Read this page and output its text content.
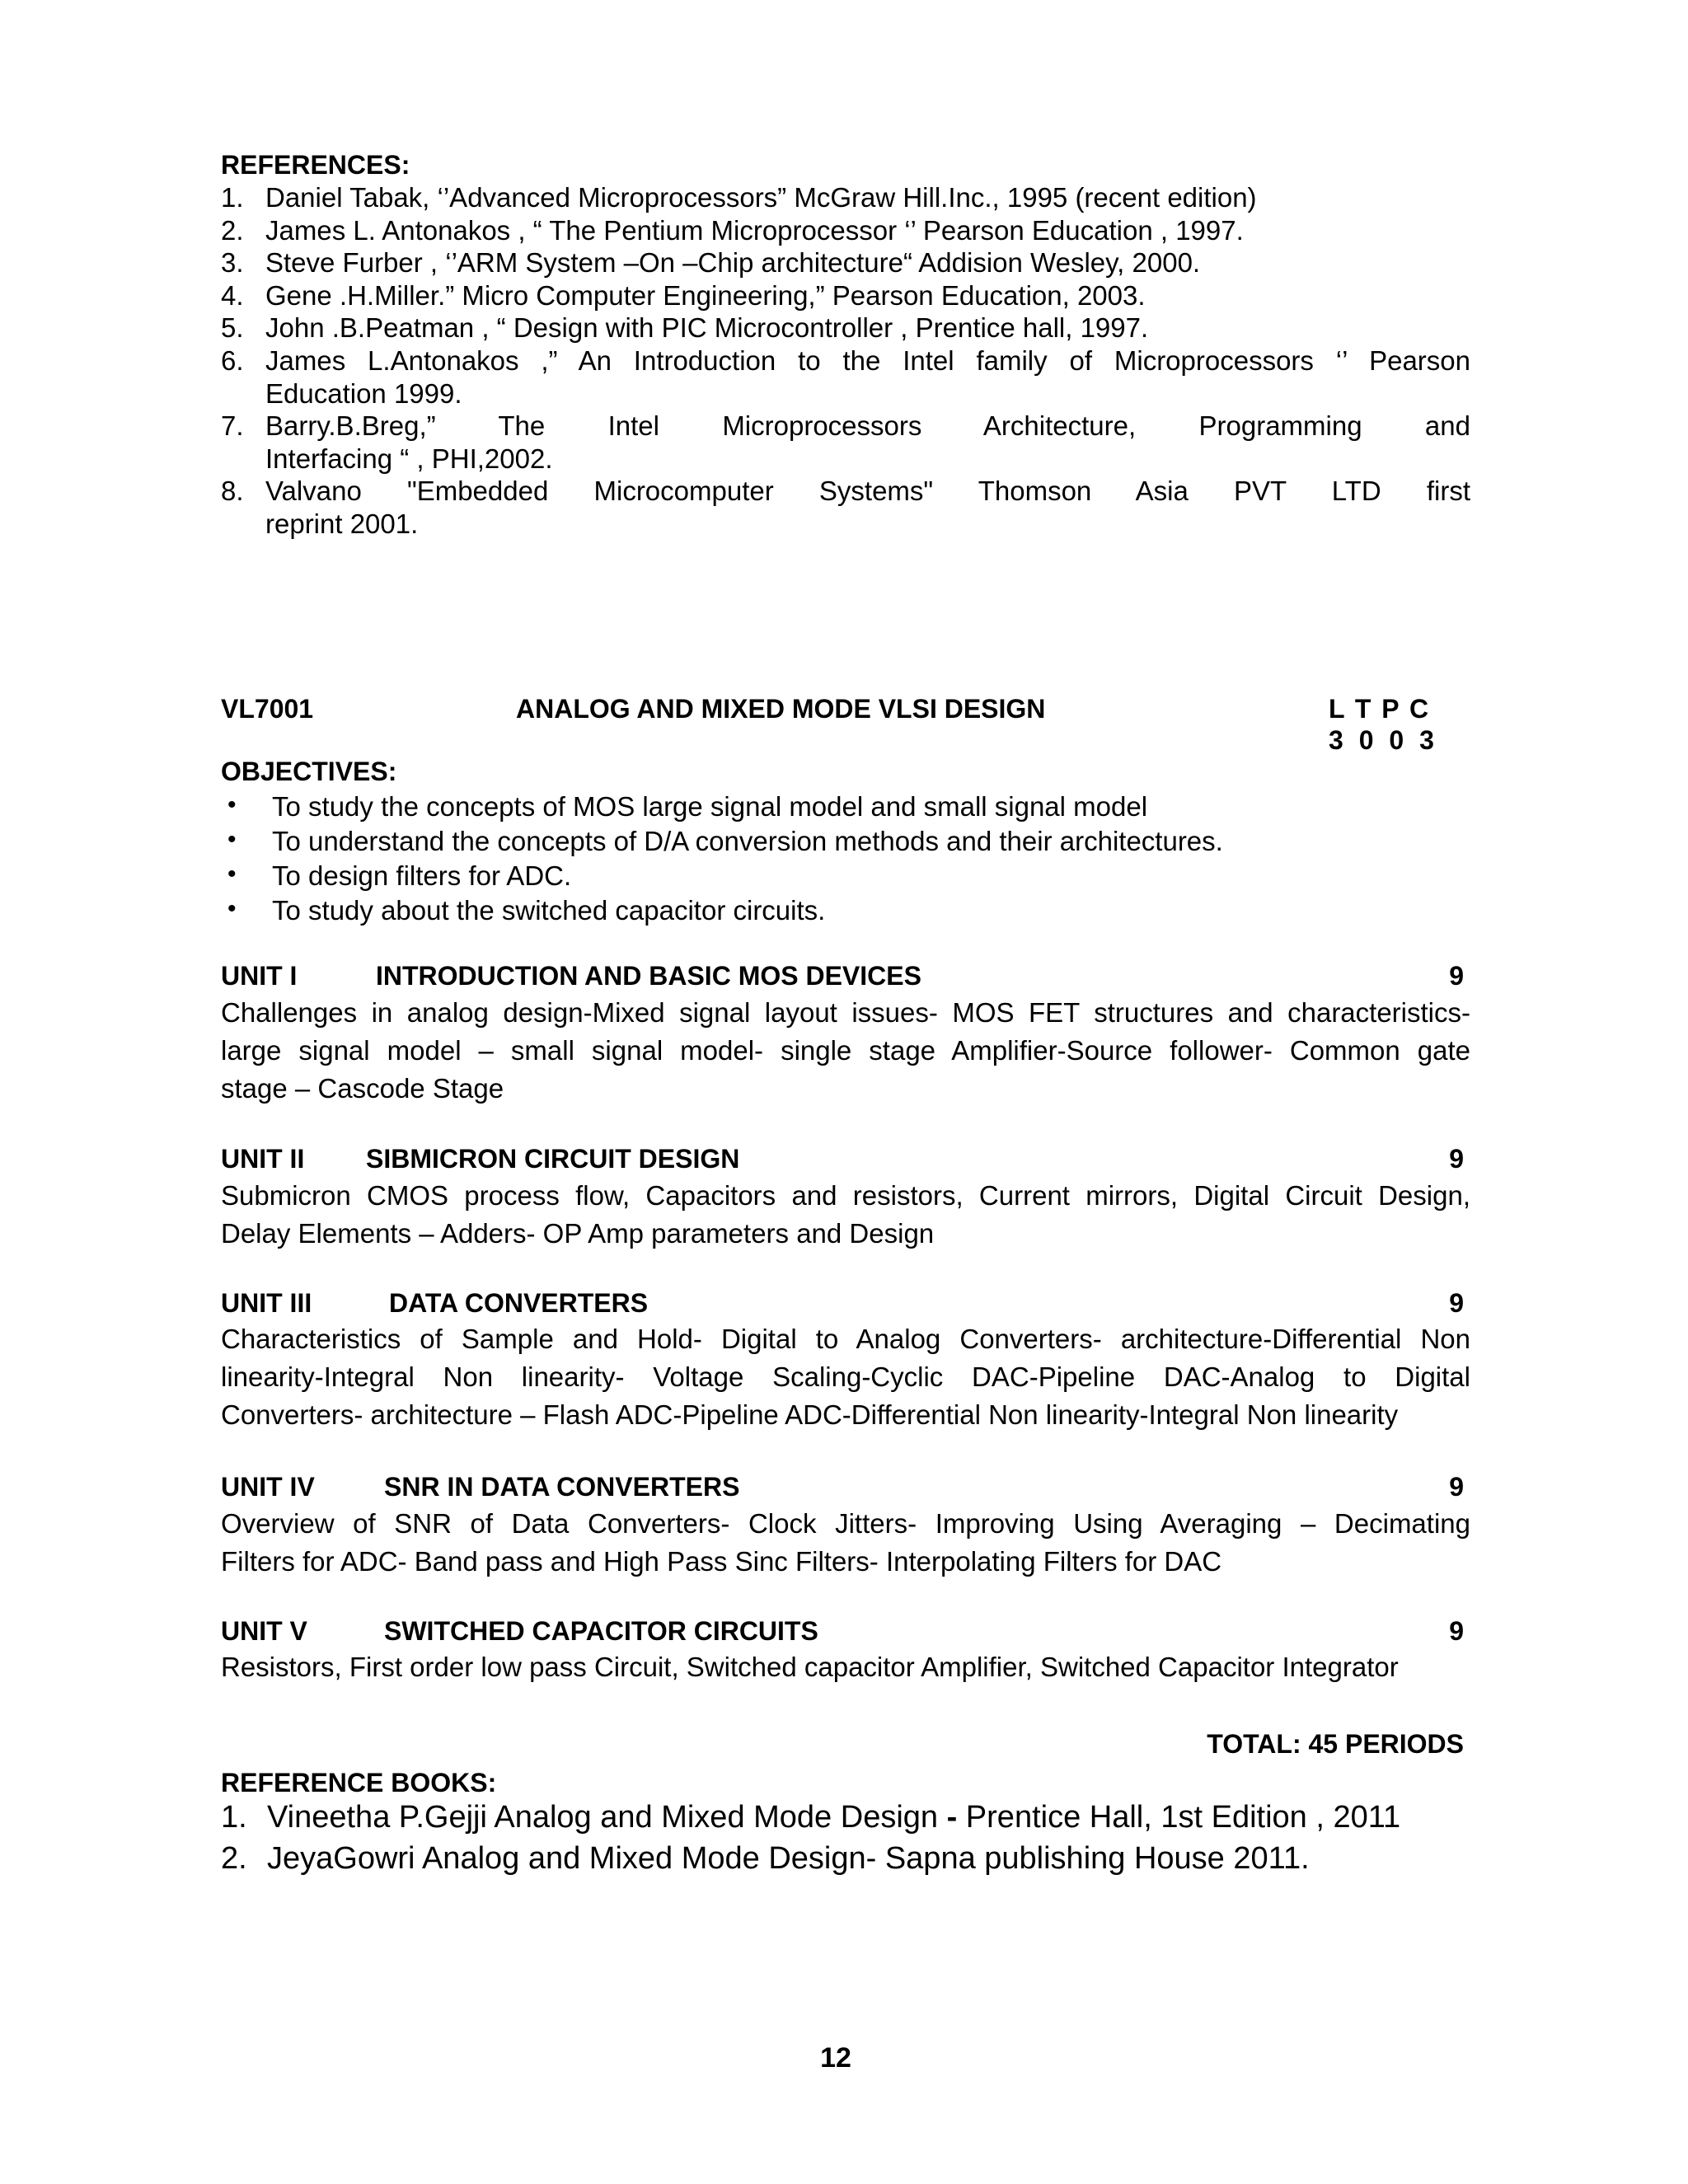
REFERENCES:
1. Daniel Tabak, ‘’Advanced Microprocessors” McGraw Hill.Inc., 1995 (recent edition)
2. James L. Antonakos , “ The Pentium Microprocessor ‘’ Pearson Education , 1997.
3. Steve Furber , ‘’ARM System –On –Chip architecture“ Addision Wesley, 2000.
4. Gene .H.Miller.” Micro Computer Engineering,” Pearson Education, 2003.
5. John .B.Peatman , “ Design with PIC Microcontroller , Prentice hall, 1997.
6. James L.Antonakos ,” An Introduction to the Intel family of Microprocessors ‘’ Pearson
Education 1999.
7. Barry.B.Breg,” The Intel Microprocessors Architecture, Programming and
Interfacing “ , PHI,2002.
8. Valvano "Embedded Microcomputer Systems" Thomson Asia PVT LTD first
reprint 2001.
VL7001	ANALOG AND MIXED MODE VLSI DESIGN	L T P C
3 0 0 3
OBJECTIVES:
• To study the concepts of MOS large signal model and small signal model
• To understand the concepts of D/A conversion methods and their architectures.
• To design filters for ADC.
• To study about the switched capacitor circuits.
UNIT I	INTRODUCTION AND BASIC MOS DEVICES	9
Challenges in analog design-Mixed signal layout issues- MOS FET structures and characteristics-
large signal model – small signal model- single stage Amplifier-Source follower- Common gate
stage – Cascode Stage
UNIT II SIBMICRON CIRCUIT DESIGN	9
Submicron CMOS process flow, Capacitors and resistors, Current mirrors, Digital Circuit Design,
Delay Elements – Adders- OP Amp parameters and Design
UNIT III	DATA CONVERTERS	9
Characteristics of Sample and Hold- Digital to Analog Converters- architecture-Differential Non
linearity-Integral Non linearity- Voltage Scaling-Cyclic DAC-Pipeline DAC-Analog to Digital
Converters- architecture – Flash ADC-Pipeline ADC-Differential Non linearity-Integral Non linearity
UNIT IV	SNR IN DATA CONVERTERS	9
Overview of SNR of Data Converters- Clock Jitters- Improving Using Averaging – Decimating
Filters for ADC- Band pass and High Pass Sinc Filters- Interpolating Filters for DAC
UNIT V	SWITCHED CAPACITOR CIRCUITS	9
Resistors, First order low pass Circuit, Switched capacitor Amplifier, Switched Capacitor Integrator
TOTAL: 45 PERIODS
REFERENCE BOOKS:
1. Vineetha P.Gejji Analog and Mixed Mode Design - Prentice Hall, 1st Edition , 2011
2. JeyaGowri Analog and Mixed Mode Design- Sapna publishing House 2011.
12
